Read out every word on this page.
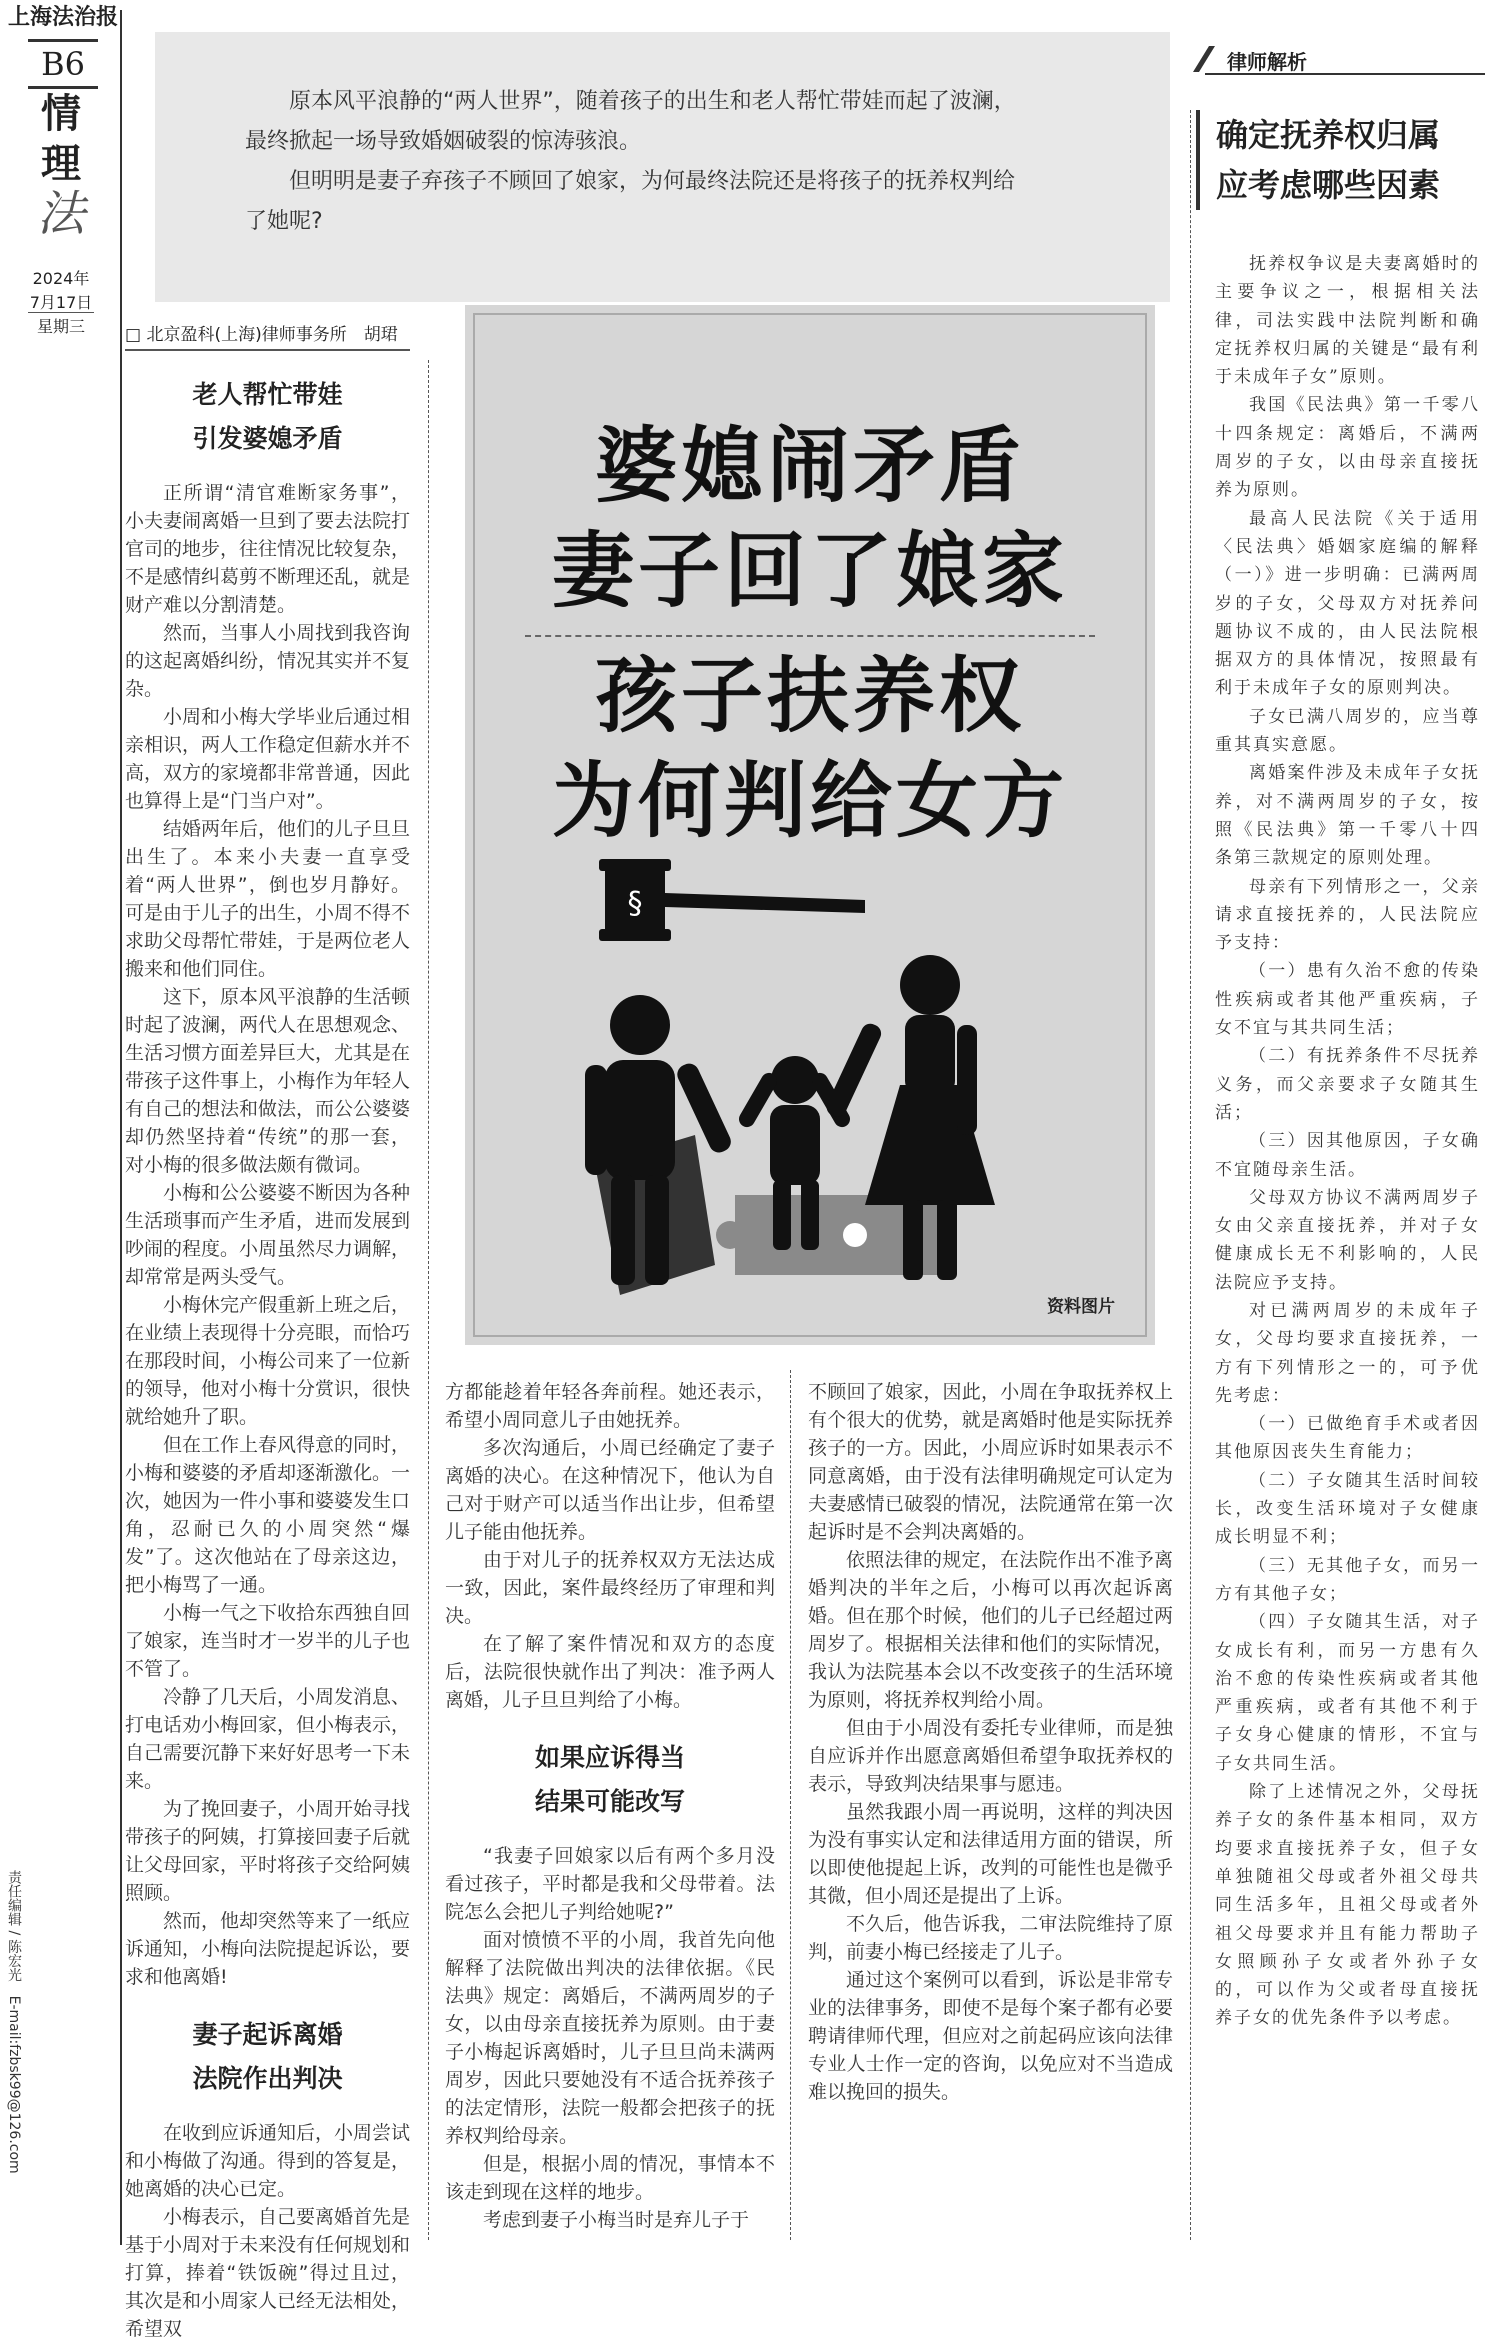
上海法治报
B6
情
理
法
2024年
7月17日
星期三
责任编辑 / 陈宏光　E-mail:fzbsk99@126.com

原本风平浪静的“两人世界”，随着孩子的出生和老人帮忙带娃而起了波澜，最终掀起一场导致婚姻破裂的惊涛骇浪。

但明明是妻子弃孩子不顾回了娘家，为何最终法院还是将孩子的抚养权判给了她呢?

□ 北京盈科(上海)律师事务所　胡珺
婆媳闹矛盾
妻子回了娘家
孩子扶养权
为何判给女方
§
资料图片
老人帮忙带娃
引发婆媳矛盾

正所谓“清官难断家务事”，小夫妻闹离婚一旦到了要去法院打官司的地步，往往情况比较复杂，不是感情纠葛剪不断理还乱，就是财产难以分割清楚。

然而，当事人小周找到我咨询的这起离婚纠纷，情况其实并不复杂。

小周和小梅大学毕业后通过相亲相识，两人工作稳定但薪水并不高，双方的家境都非常普通，因此也算得上是“门当户对”。

结婚两年后，他们的儿子旦旦出生了。本来小夫妻一直享受着“两人世界”，倒也岁月静好。可是由于儿子的出生，小周不得不求助父母帮忙带娃，于是两位老人搬来和他们同住。

这下，原本风平浪静的生活顿时起了波澜，两代人在思想观念、生活习惯方面差异巨大，尤其是在带孩子这件事上，小梅作为年轻人有自己的想法和做法，而公公婆婆却仍然坚持着“传统”的那一套，对小梅的很多做法颇有微词。

小梅和公公婆婆不断因为各种生活琐事而产生矛盾，进而发展到吵闹的程度。小周虽然尽力调解，却常常是两头受气。

小梅休完产假重新上班之后，在业绩上表现得十分亮眼，而恰巧在那段时间，小梅公司来了一位新的领导，他对小梅十分赏识，很快就给她升了职。

但在工作上春风得意的同时，小梅和婆婆的矛盾却逐渐激化。一次，她因为一件小事和婆婆发生口角，忍耐已久的小周突然“爆发”了。这次他站在了母亲这边，把小梅骂了一通。

小梅一气之下收拾东西独自回了娘家，连当时才一岁半的儿子也不管了。

冷静了几天后，小周发消息、打电话劝小梅回家，但小梅表示，自己需要沉静下来好好思考一下未来。

为了挽回妻子，小周开始寻找带孩子的阿姨，打算接回妻子后就让父母回家，平时将孩子交给阿姨照顾。

然而，他却突然等来了一纸应诉通知，小梅向法院提起诉讼，要求和他离婚!

妻子起诉离婚
法院作出判决

在收到应诉通知后，小周尝试和小梅做了沟通。得到的答复是，她离婚的决心已定。

小梅表示，自己要离婚首先是基于小周对于未来没有任何规划和打算，捧着“铁饭碗”得过且过，其次是和小周家人已经无法相处，希望双

方都能趁着年轻各奔前程。她还表示，希望小周同意儿子由她抚养。

多次沟通后，小周已经确定了妻子离婚的决心。在这种情况下，他认为自己对于财产可以适当作出让步，但希望儿子能由他抚养。

由于对儿子的抚养权双方无法达成一致，因此，案件最终经历了审理和判决。

在了解了案件情况和双方的态度后，法院很快就作出了判决：准予两人离婚，儿子旦旦判给了小梅。

如果应诉得当
结果可能改写

“我妻子回娘家以后有两个多月没看过孩子，平时都是我和父母带着。法院怎么会把儿子判给她呢?”

面对愤愤不平的小周，我首先向他解释了法院做出判决的法律依据。《民法典》规定：离婚后，不满两周岁的子女，以由母亲直接抚养为原则。由于妻子小梅起诉离婚时，儿子旦旦尚未满两周岁，因此只要她没有不适合抚养孩子的法定情形，法院一般都会把孩子的抚养权判给母亲。

但是，根据小周的情况，事情本不该走到现在这样的地步。

考虑到妻子小梅当时是弃儿子于

不顾回了娘家，因此，小周在争取抚养权上有个很大的优势，就是离婚时他是实际抚养孩子的一方。因此，小周应诉时如果表示不同意离婚，由于没有法律明确规定可认定为夫妻感情已破裂的情况，法院通常在第一次起诉时是不会判决离婚的。

依照法律的规定，在法院作出不准予离婚判决的半年之后，小梅可以再次起诉离婚。但在那个时候，他们的儿子已经超过两周岁了。根据相关法律和他们的实际情况，我认为法院基本会以不改变孩子的生活环境为原则，将抚养权判给小周。

但由于小周没有委托专业律师，而是独自应诉并作出愿意离婚但希望争取抚养权的表示，导致判决结果事与愿违。

虽然我跟小周一再说明，这样的判决因为没有事实认定和法律适用方面的错误，所以即使他提起上诉，改判的可能性也是微乎其微，但小周还是提出了上诉。

不久后，他告诉我，二审法院维持了原判，前妻小梅已经接走了儿子。

通过这个案例可以看到，诉讼是非常专业的法律事务，即使不是每个案子都有必要聘请律师代理，但应对之前起码应该向法律专业人士作一定的咨询，以免应对不当造成难以挽回的损失。

律师解析
确定抚养权归属
应考虑哪些因素

抚养权争议是夫妻离婚时的主要争议之一，根据相关法律，司法实践中法院判断和确定抚养权归属的关键是“最有利于未成年子女”原则。

我国《民法典》第一千零八十四条规定：离婚后，不满两周岁的子女，以由母亲直接抚养为原则。

最高人民法院《关于适用〈民法典〉婚姻家庭编的解释（一）》进一步明确：已满两周岁的子女，父母双方对抚养问题协议不成的，由人民法院根据双方的具体情况，按照最有利于未成年子女的原则判决。

子女已满八周岁的，应当尊重其真实意愿。

离婚案件涉及未成年子女抚养，对不满两周岁的子女，按照《民法典》第一千零八十四条第三款规定的原则处理。

母亲有下列情形之一，父亲请求直接抚养的，人民法院应予支持：

（一）患有久治不愈的传染性疾病或者其他严重疾病，子女不宜与其共同生活；

（二）有抚养条件不尽抚养义务，而父亲要求子女随其生活；

（三）因其他原因，子女确不宜随母亲生活。

父母双方协议不满两周岁子女由父亲直接抚养，并对子女健康成长无不利影响的，人民法院应予支持。

对已满两周岁的未成年子女，父母均要求直接抚养，一方有下列情形之一的，可予优先考虑：

（一）已做绝育手术或者因其他原因丧失生育能力；

（二）子女随其生活时间较长，改变生活环境对子女健康成长明显不利；

（三）无其他子女，而另一方有其他子女；

（四）子女随其生活，对子女成长有利，而另一方患有久治不愈的传染性疾病或者其他严重疾病，或者有其他不利于子女身心健康的情形，不宜与子女共同生活。

除了上述情况之外，父母抚养子女的条件基本相同，双方均要求直接抚养子女，但子女单独随祖父母或者外祖父母共同生活多年，且祖父母或者外祖父母要求并且有能力帮助子女照顾孙子女或者外孙子女的，可以作为父或者母直接抚养子女的优先条件予以考虑。
